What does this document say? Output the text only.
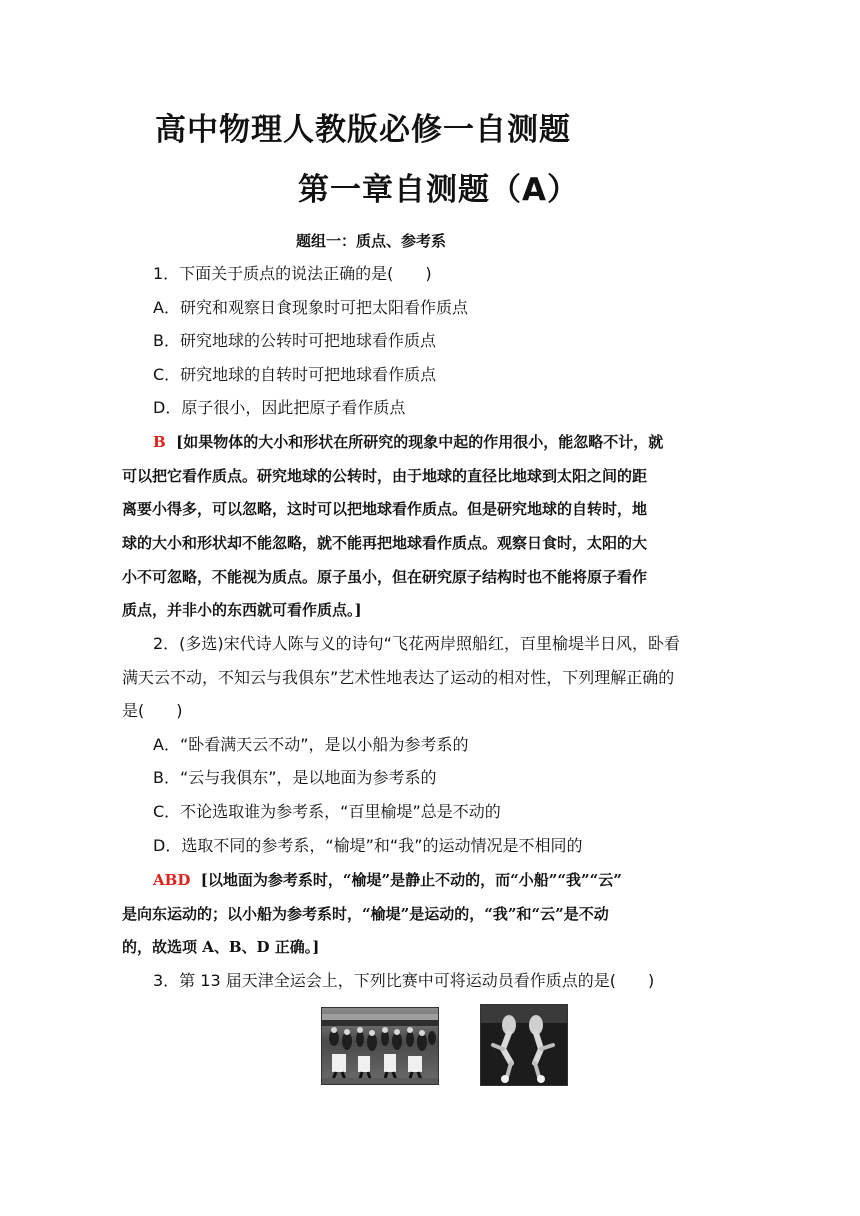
高中物理人教版必修一自测题
第一章自测题（A）
题组一：质点、参考系
1．下面关于质点的说法正确的是(　　)
A．研究和观察日食现象时可把太阳看作质点
B．研究地球的公转时可把地球看作质点
C．研究地球的自转时可把地球看作质点
D．原子很小，因此把原子看作质点
B [如果物体的大小和形状在所研究的现象中起的作用很小，能忽略不计，就
可以把它看作质点。研究地球的公转时，由于地球的直径比地球到太阳之间的距
离要小得多，可以忽略，这时可以把地球看作质点。但是研究地球的自转时，地
球的大小和形状却不能忽略，就不能再把地球看作质点。观察日食时，太阳的大
小不可忽略，不能视为质点。原子虽小，但在研究原子结构时也不能将原子看作
质点，并非小的东西就可看作质点。]
2．(多选)宋代诗人陈与义的诗句“飞花两岸照船红，百里榆堤半日风，卧看
满天云不动，不知云与我俱东”艺术性地表达了运动的相对性，下列理解正确的
是(　　)
A．“卧看满天云不动”，是以小船为参考系的
B．“云与我俱东”，是以地面为参考系的
C．不论选取谁为参考系，“百里榆堤”总是不动的
D．选取不同的参考系，“榆堤”和“我”的运动情况是不相同的
ABD [以地面为参考系时，“榆堤”是静止不动的，而“小船”“我”“云”
是向东运动的；以小船为参考系时，“榆堤”是运动的，“我”和“云”是不动
的，故选项 A、B、D 正确。]
3．第 13 届天津全运会上，下列比赛中可将运动员看作质点的是(　　)
